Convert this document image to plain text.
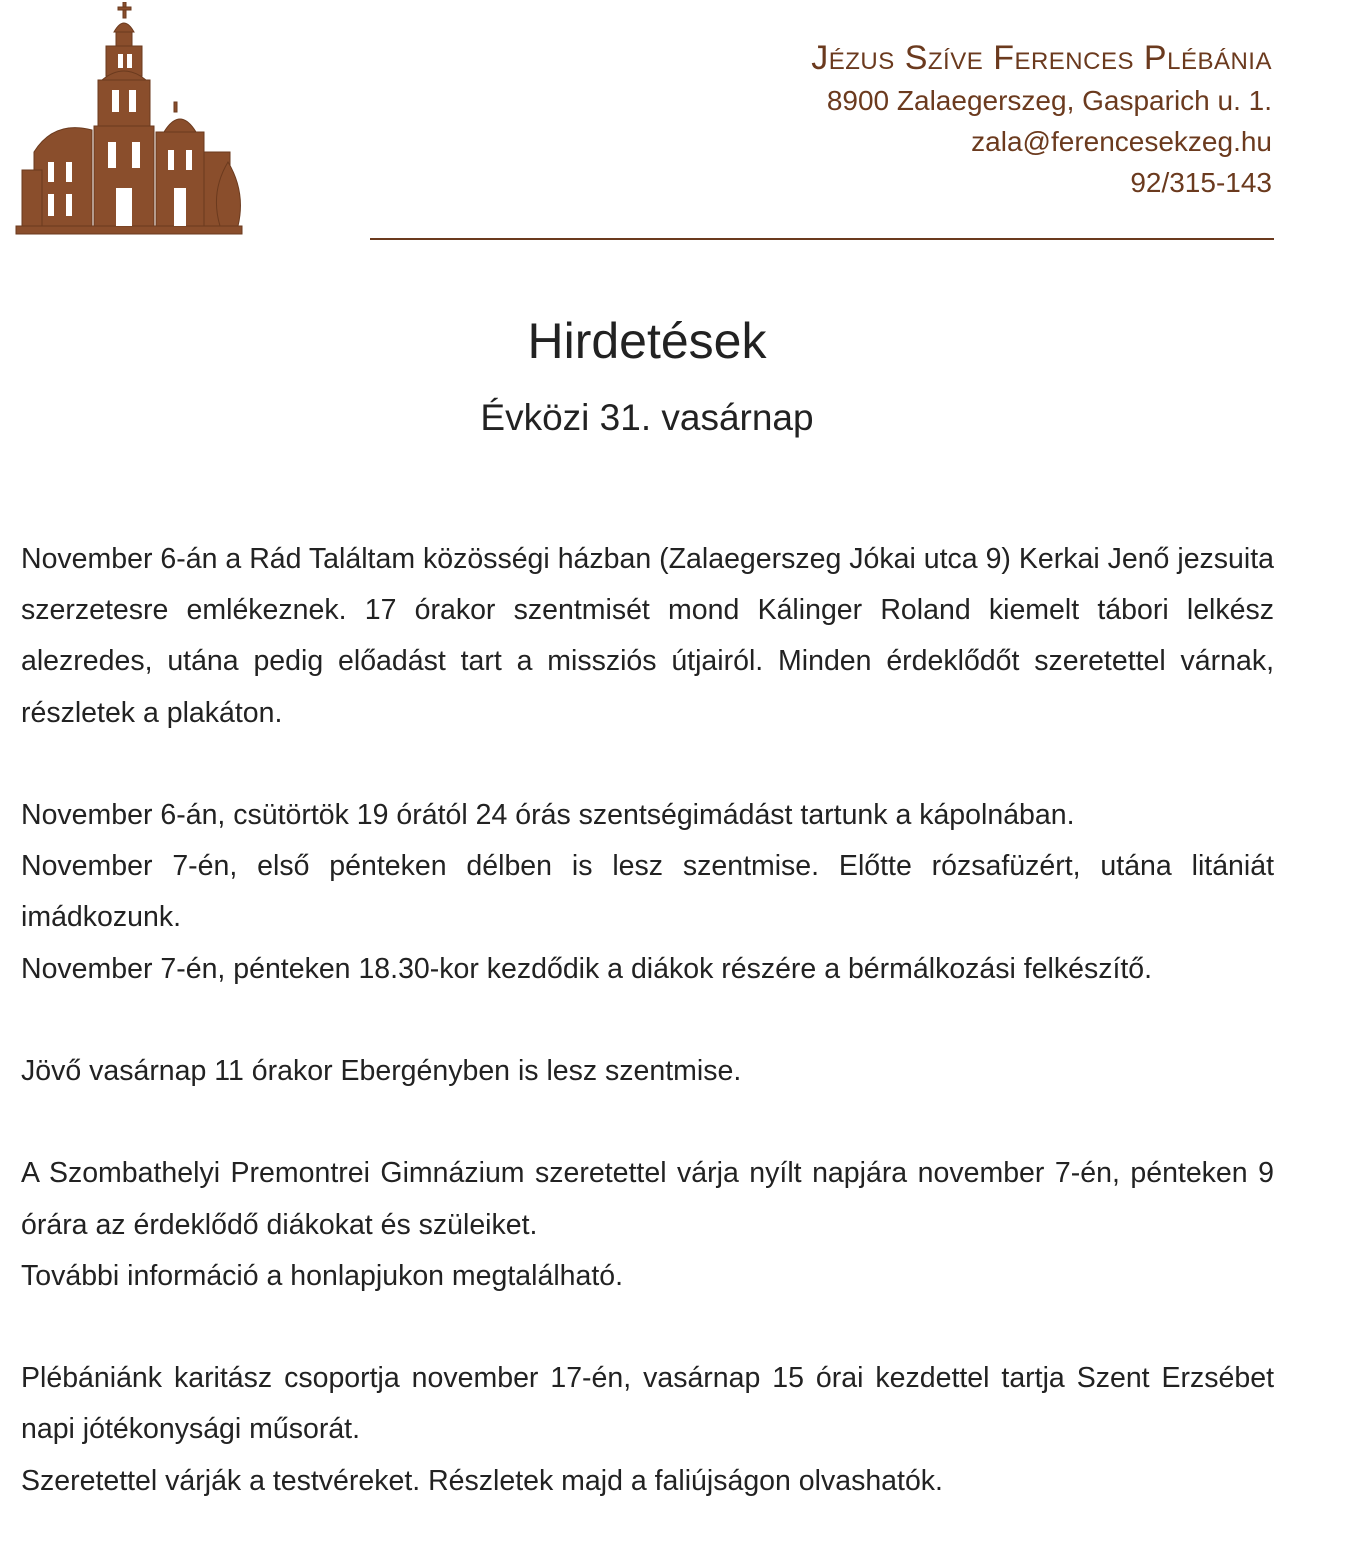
Jézus Szíve Ferences Plébánia
8900 Zalaegerszeg, Gasparich u. 1.
zala@ferencesekzeg.hu
92/315-143
Hirdetések
Évközi 31. vasárnap

November 6-án a Rád Találtam közösségi házban (Zalaegerszeg Jókai utca 9) Kerkai Jenő jezsuita szerzetesre emlékeznek. 17 órakor szentmisét mond Kálinger Roland kiemelt tábori lelkész alezredes, utána pedig előadást tart a missziós útjairól. Minden érdeklődőt szeretettel várnak, részletek a plakáton.

November 6-án, csütörtök 19 órától 24 órás szentségimádást tartunk a kápolnában.

November 7-én, első pénteken délben is lesz szentmise. Előtte rózsafüzért, utána litániát imádkozunk.

November 7-én, pénteken 18.30-kor kezdődik a diákok részére a bérmálkozási felkészítő.

Jövő vasárnap 11 órakor Ebergényben is lesz szentmise.

A Szombathelyi Premontrei Gimnázium szeretettel várja nyílt napjára november 7-én, pénteken 9 órára az érdeklődő diákokat és szüleiket.

További információ a honlapjukon megtalálható.

Plébániánk karitász csoportja november 17-én, vasárnap 15 órai kezdettel tartja Szent Erzsébet napi jótékonysági műsorát.

Szeretettel várják a testvéreket. Részletek majd a faliújságon olvashatók.
